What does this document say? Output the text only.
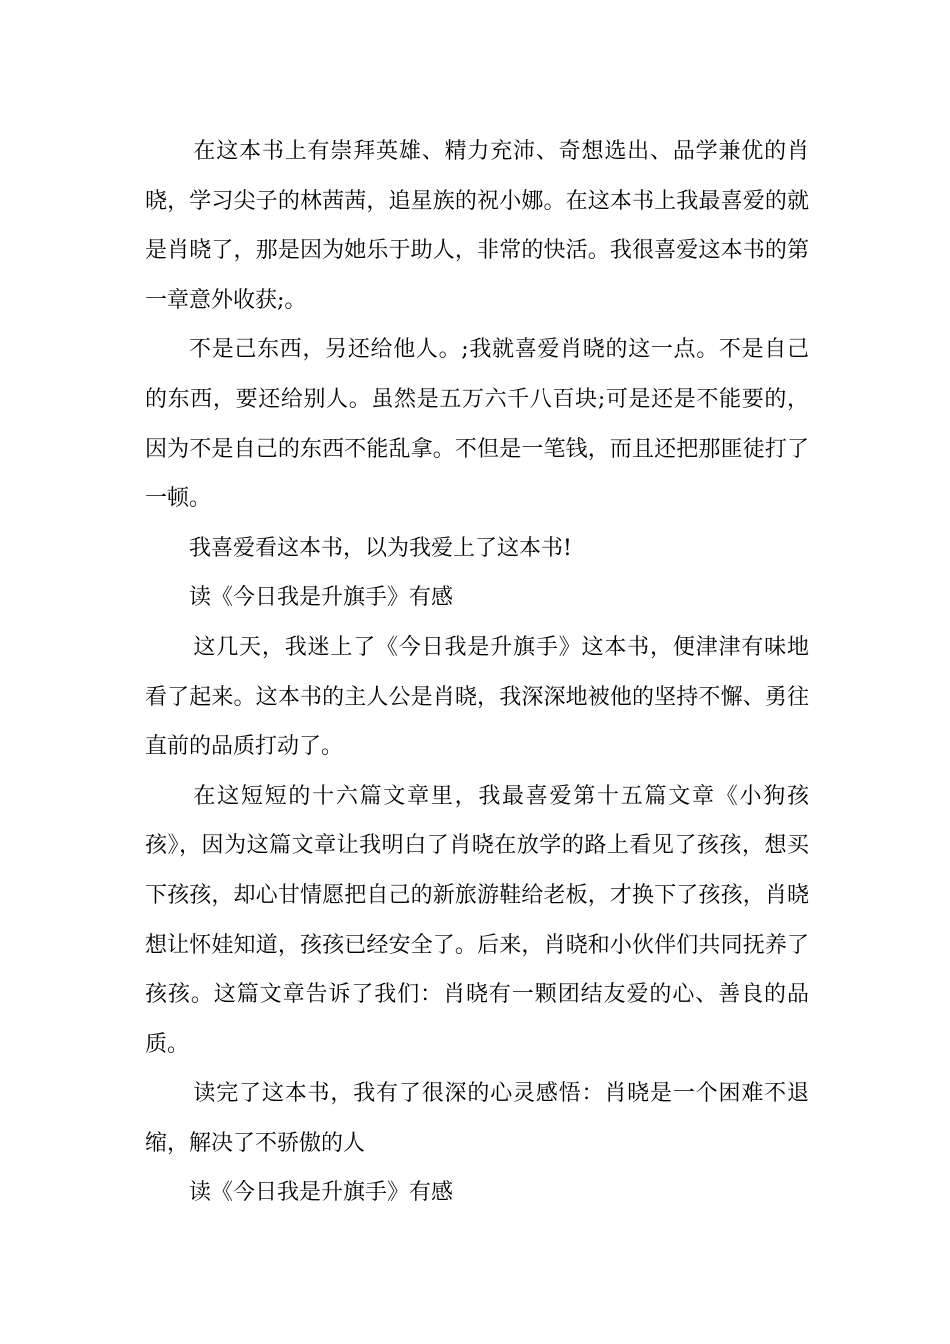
在这本书上有崇拜英雄、精力充沛、奇想选出、品学兼优的肖晓，学习尖子的林茜茜，追星族的祝小娜。在这本书上我最喜爱的就是肖晓了，那是因为她乐于助人，非常的快活。我很喜爱这本书的第一章意外收获;。

不是己东西，另还给他人。;我就喜爱肖晓的这一点。不是自己的东西，要还给别人。虽然是五万六千八百块;可是还是不能要的，因为不是自己的东西不能乱拿。不但是一笔钱，而且还把那匪徒打了一顿。

我喜爱看这本书，以为我爱上了这本书!

读《今日我是升旗手》有感

这几天，我迷上了《今日我是升旗手》这本书，便津津有味地看了起来。这本书的主人公是肖晓，我深深地被他的坚持不懈、勇往直前的品质打动了。

在这短短的十六篇文章里，我最喜爱第十五篇文章《小狗孩孩》，因为这篇文章让我明白了肖晓在放学的路上看见了孩孩，想买下孩孩，却心甘情愿把自己的新旅游鞋给老板，才换下了孩孩，肖晓想让怀娃知道，孩孩已经安全了。后来，肖晓和小伙伴们共同抚养了孩孩。这篇文章告诉了我们：肖晓有一颗团结友爱的心、善良的品质。

读完了这本书，我有了很深的心灵感悟：肖晓是一个困难不退缩，解决了不骄傲的人

读《今日我是升旗手》有感
